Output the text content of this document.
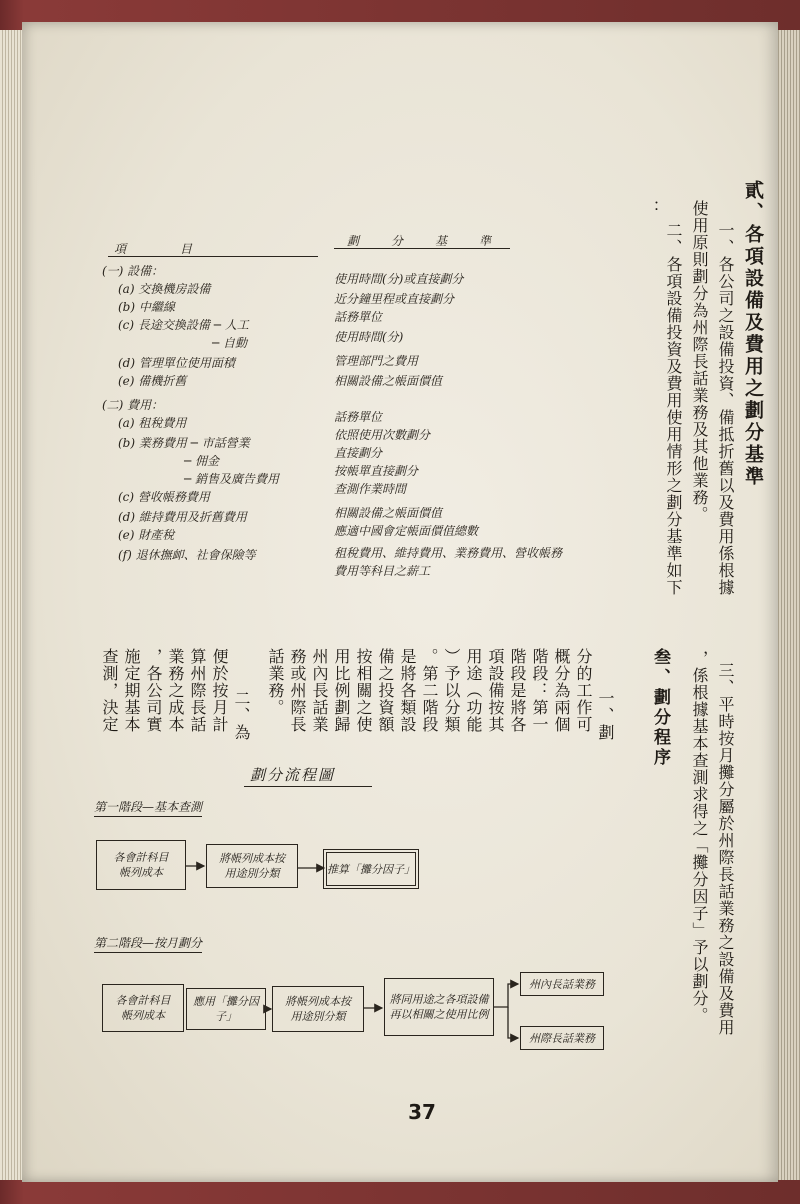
貳、各項設備及費用之劃分基準
一、各公司之設備投資、備抵折舊以及費用係根據
使用原則劃分為州際長話業務及其他業務。
二、各項設備投資及費用使用情形之劃分基準如下
：
三、平時按月攤分屬於州際長話業務之設備及費用
，係根據基本查測求得之「攤分因子」予以劃分。
叁、劃分程序
一、劃
分的工作可
概分為兩個
階段：第一
階段是將各
項設備按其
用途（功能
）予以分類
。第二階段
是將各類設
備之投資額
按相關之使
用比例劃歸
州內長話業
務或州際長
話業務。
二、為
便於按月計
算州際長話
業務之成本
，各公司實
施定期基本
查測，決定
項　　目
劃　分　基　準
(一) 設備：
(a) 交換機房設備
(b) 中繼線
(c) 長途交換設備 ─ 人工
─ 自動
(d) 管理單位使用面積
(e) 備機折舊
(二) 費用：
(a) 租稅費用
(b) 業務費用 ─ 市話營業
─ 佣金
─ 銷售及廣告費用
(c) 營收帳務費用
(d) 維持費用及折舊費用
(e) 財產稅
(f) 退休撫卹、社會保險等
使用時間(分)或直接劃分
近分鐘里程或直接劃分
話務單位
使用時間(分)
管理部門之費用
相關設備之帳面價值
話務單位
依照使用次數劃分
直接劃分
按帳單直接劃分
查測作業時間
相關設備之帳面價值
應適中國會定帳面價值總數
租稅費用、維持費用、業務費用、營收帳務
費用等科目之薪工
劃分流程圖
第一階段—基本查測
各會計科目
帳列成本
將帳列成本按
用途別分類	推算「攤分因子」
第二階段—按月劃分
各會計科目
帳列成本
應用「攤分因子」
將帳列成本按
用途別分類
將同用途之各項設備
再以相關之使用比例
州內長話業務
州際長話業務
37
